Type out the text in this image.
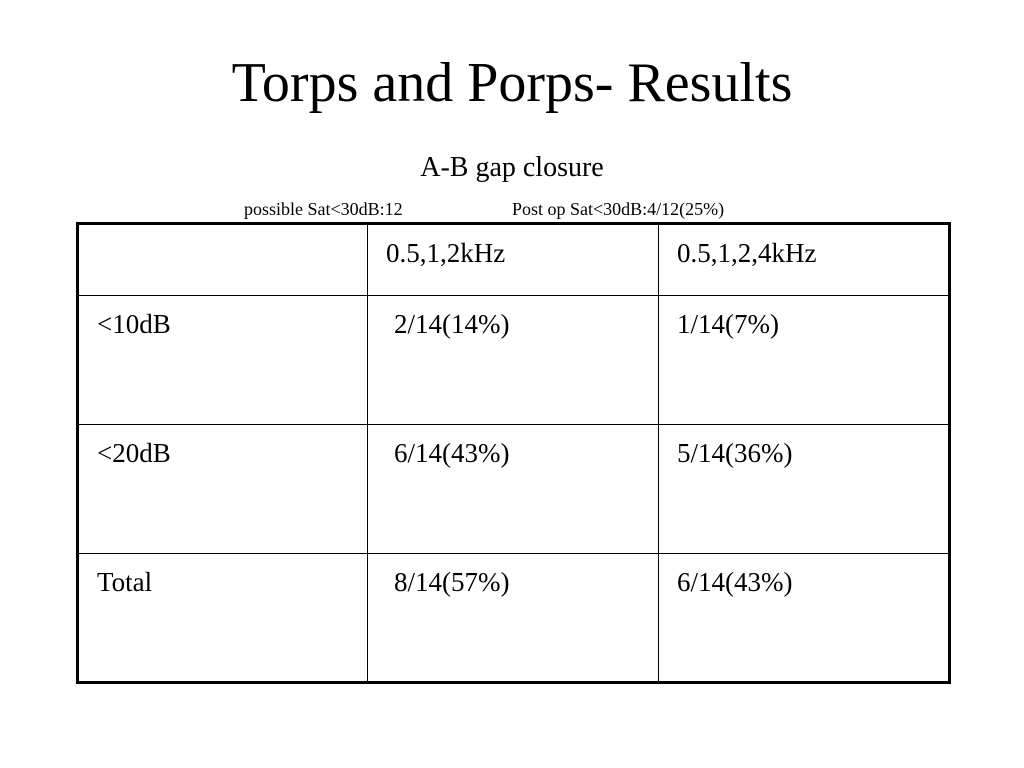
Torps and Porps- Results
A-B gap closure
possible Sat<30dB:12	Post op Sat<30dB:4/12(25%)
	0.5,1,2kHz	0.5,1,2,4kHz
<10dB	2/14(14%)	1/14(7%)
<20dB	6/14(43%)	5/14(36%)
Total	8/14(57%)	6/14(43%)
